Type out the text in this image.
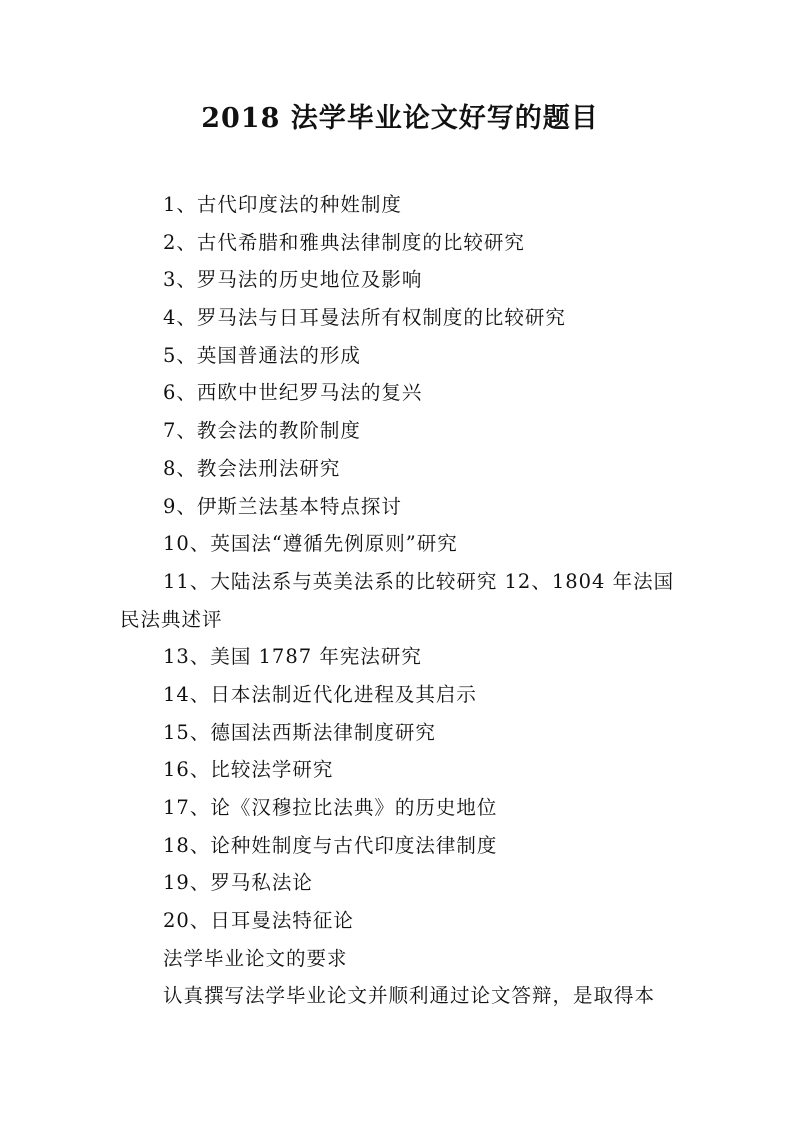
2018 法学毕业论文好写的题目
1、古代印度法的种姓制度
2、古代希腊和雅典法律制度的比较研究
3、罗马法的历史地位及影响
4、罗马法与日耳曼法所有权制度的比较研究
5、英国普通法的形成
6、西欧中世纪罗马法的复兴
7、教会法的教阶制度
8、教会法刑法研究
9、伊斯兰法基本特点探讨
10、英国法“遵循先例原则”研究
11、大陆法系与英美法系的比较研究 12、1804 年法国
民法典述评
13、美国 1787 年宪法研究
14、日本法制近代化进程及其启示
15、德国法西斯法律制度研究
16、比较法学研究
17、论《汉穆拉比法典》的历史地位
18、论种姓制度与古代印度法律制度
19、罗马私法论
20、日耳曼法特征论
法学毕业论文的要求
认真撰写法学毕业论文并顺利通过论文答辩，是取得本
